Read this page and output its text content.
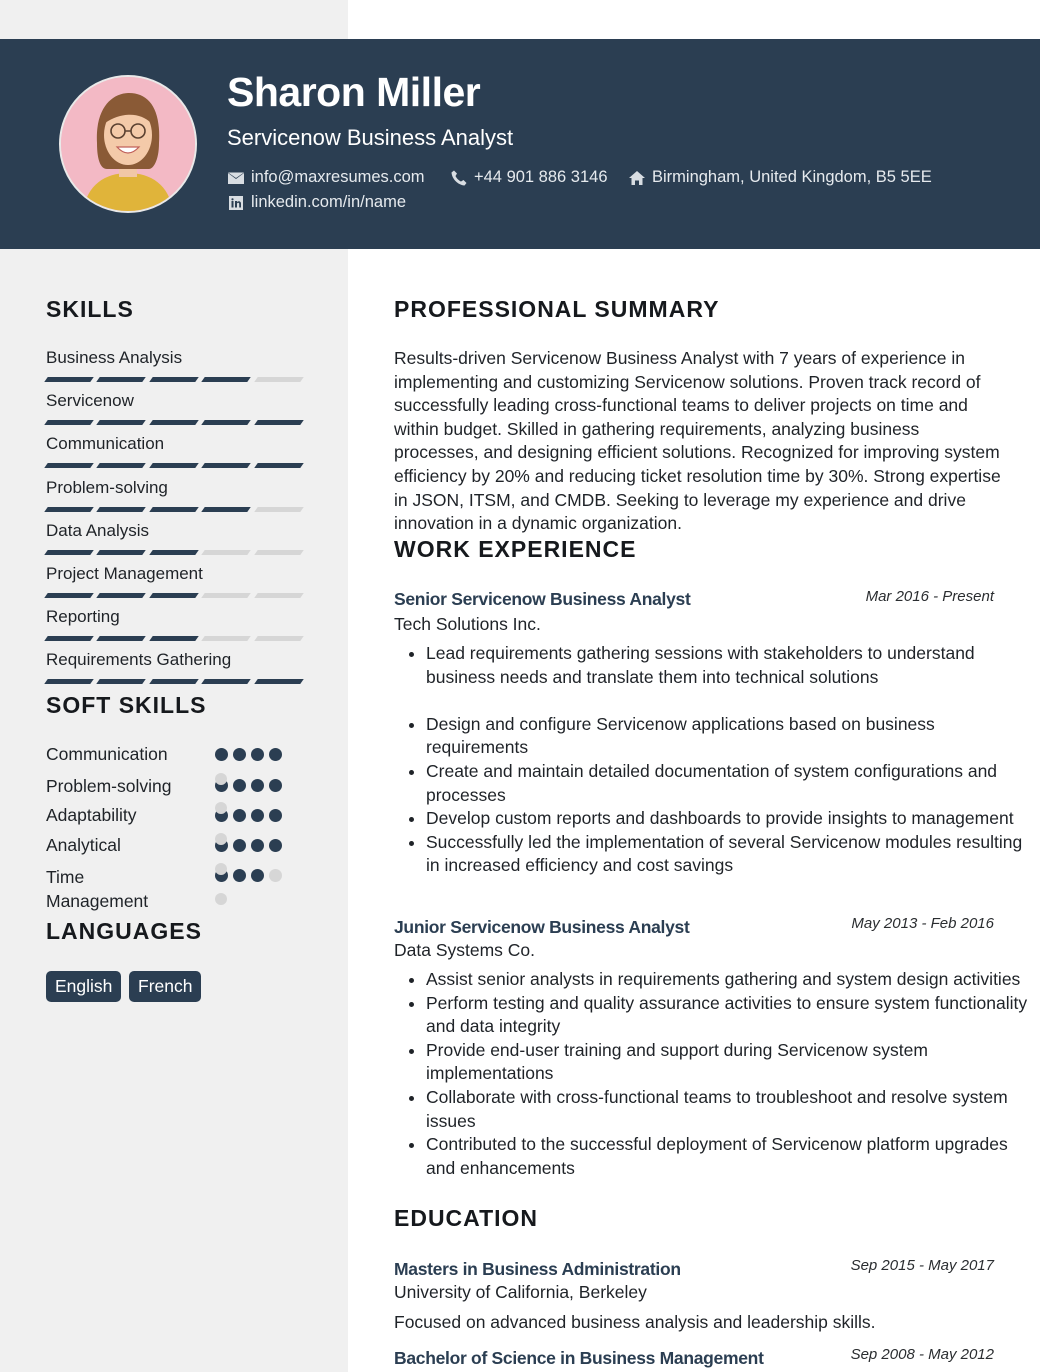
Sharon Miller
Servicenow Business Analyst
info@maxresumes.com	+44 901 886 3146	Birmingham, United Kingdom, B5 5EE
linkedin.com/in/name
SKILLS
Business Analysis
Servicenow
Communication
Problem-solving
Data Analysis
Project Management
Reporting
Requirements Gathering
SOFT SKILLS
Communication
Problem-solving
Adaptability
Analytical
Time Management
LANGUAGES
English	French
PROFESSIONAL SUMMARY

Results-driven Servicenow Business Analyst with 7 years of experience in implementing and customizing Servicenow solutions. Proven track record of successfully leading cross-functional teams to deliver projects on time and within budget. Skilled in gathering requirements, analyzing business processes, and designing efficient solutions. Recognized for improving system efficiency by 20% and reducing ticket resolution time by 30%. Strong expertise in JSON, ITSM, and CMDB. Seeking to leverage my experience and drive innovation in a dynamic organization.

WORK EXPERIENCE
Senior Servicenow Business Analyst	Mar 2016 - Present
Tech Solutions Inc.
• Lead requirements gathering sessions with stakeholders to understand business needs and translate them into technical solutions
• Design and configure Servicenow applications based on business requirements
• Create and maintain detailed documentation of system configurations and processes
• Develop custom reports and dashboards to provide insights to management
• Successfully led the implementation of several Servicenow modules resulting in increased efficiency and cost savings
Junior Servicenow Business Analyst	May 2013 - Feb 2016
Data Systems Co.
• Assist senior analysts in requirements gathering and system design activities
• Perform testing and quality assurance activities to ensure system functionality and data integrity
• Provide end-user training and support during Servicenow system implementations
• Collaborate with cross-functional teams to troubleshoot and resolve system issues
• Contributed to the successful deployment of Servicenow platform upgrades and enhancements
EDUCATION
Masters in Business Administration	Sep 2015 - May 2017
University of California, Berkeley
Focused on advanced business analysis and leadership skills.
Bachelor of Science in Business Management	Sep 2008 - May 2012
